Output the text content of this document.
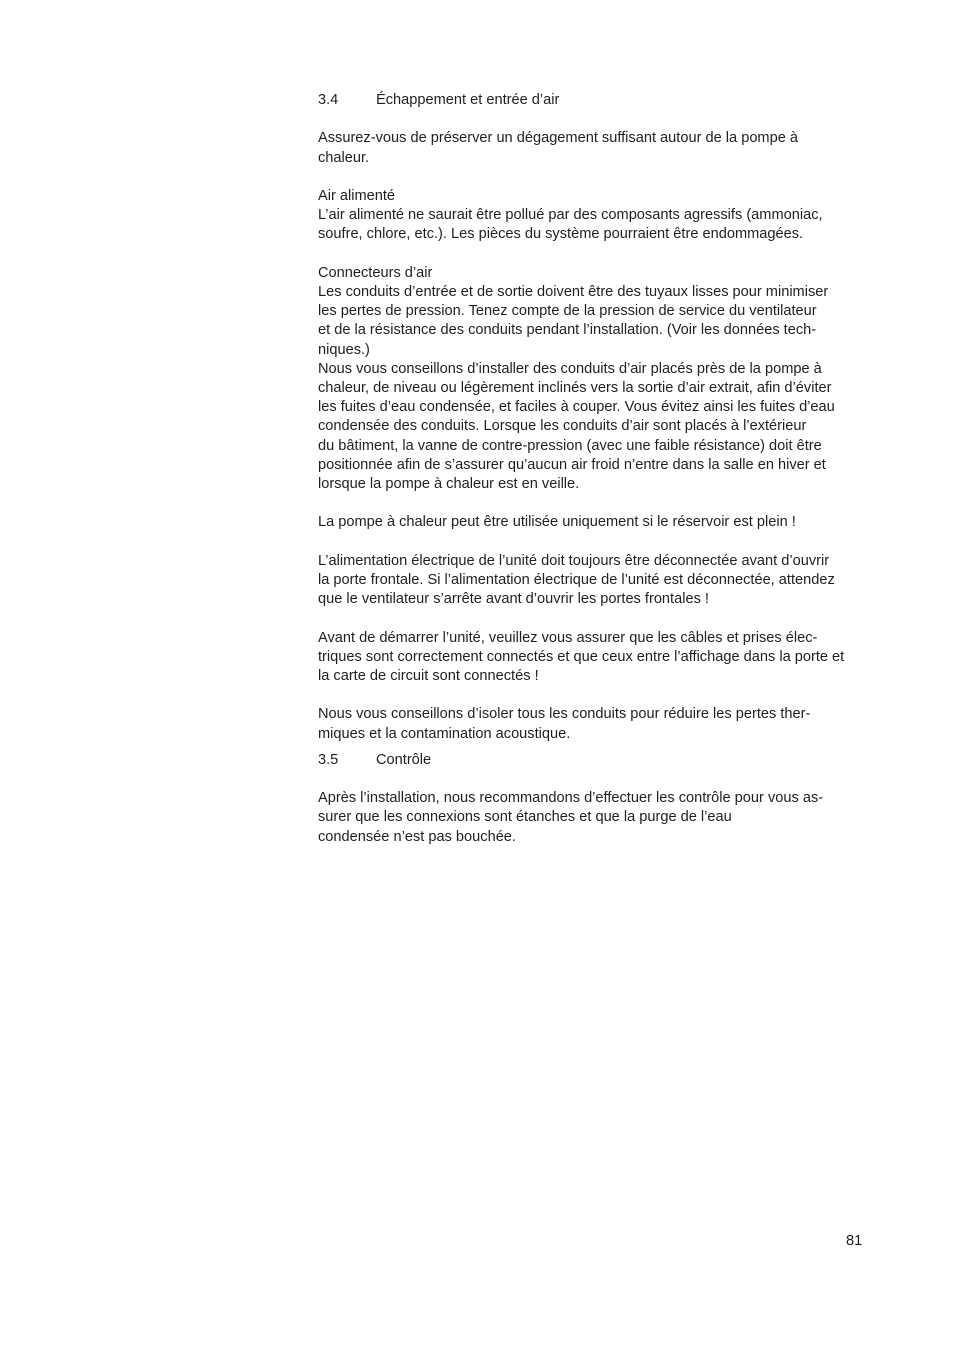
3.4	Échappement et entrée d’air

Assurez-vous de préserver un dégagement suffisant autour de la pompe à
chaleur.

Air alimenté
L’air alimenté ne saurait être pollué par des composants agressifs (ammoniac,
soufre, chlore, etc.). Les pièces du système pourraient être endommagées.

Connecteurs d’air
Les conduits d’entrée et de sortie doivent être des tuyaux lisses pour minimiser
les pertes de pression. Tenez compte de la pression de service du ventilateur
et de la résistance des conduits pendant l’installation. (Voir les données tech-
niques.)
Nous vous conseillons d’installer des conduits d’air placés près de la pompe à
chaleur, de niveau ou légèrement inclinés vers la sortie d’air extrait, afin d’éviter
les fuites d’eau condensée, et faciles à couper. Vous évitez ainsi les fuites d’eau
condensée des conduits. Lorsque les conduits d’air sont placés à l’extérieur
du bâtiment, la vanne de contre-pression (avec une faible résistance) doit être
positionnée afin de s’assurer qu’aucun air froid n’entre dans la salle en hiver et
lorsque la pompe à chaleur est en veille.

La pompe à chaleur peut être utilisée uniquement si le réservoir est plein !

L’alimentation électrique de l’unité doit toujours être déconnectée avant d’ouvrir
la porte frontale. Si l’alimentation électrique de l’unité est déconnectée, attendez
que le ventilateur s’arrête avant d’ouvrir les portes frontales !

Avant de démarrer l’unité, veuillez vous assurer que les câbles et prises élec-
triques sont correctement connectés et que ceux entre l’affichage dans la porte et
la carte de circuit sont connectés !

Nous vous conseillons d’isoler tous les conduits pour réduire les pertes ther-
miques et la contamination acoustique.

3.5	Contrôle

Après l’installation, nous recommandons d’effectuer les contrôle pour vous as-
surer que les connexions sont étanches et que la purge de l’eau
condensée n’est pas bouchée.

81
